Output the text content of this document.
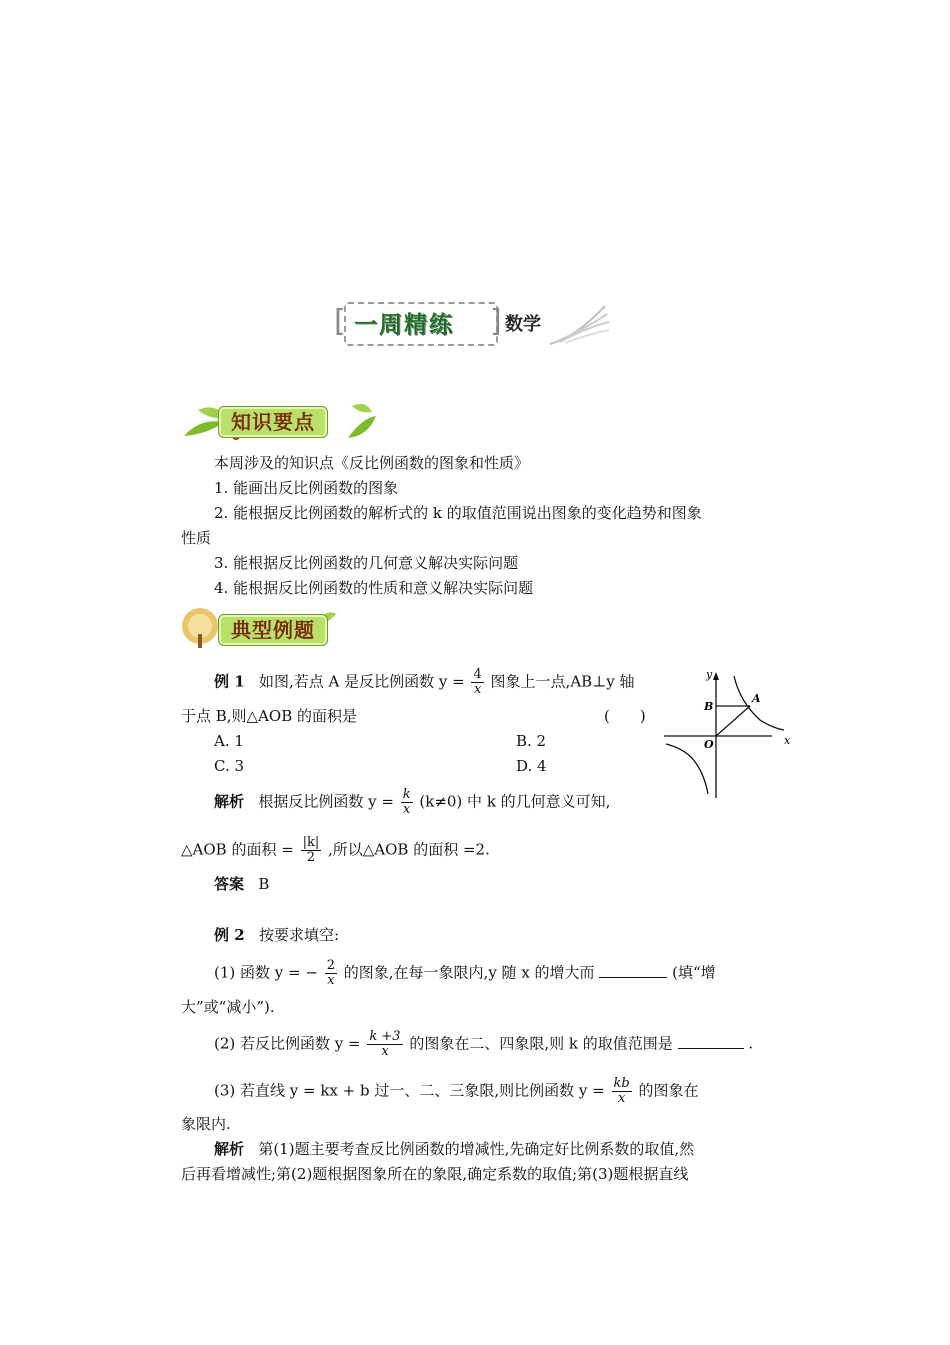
[ 一周精练 ] 数学
知识要点
本周涉及的知识点《反比例函数的图象和性质》
1. 能画出反比例函数的图象
2. 能根据反比例函数的解析式的 k 的取值范围说出图象的变化趋势和图象
性质
3. 能根据反比例函数的几何意义解决实际问题
4. 能根据反比例函数的性质和意义解决实际问题
典型例题
例 1 如图,若点 A 是反比例函数 $y = \frac{4}{x}$ 图象上一点,AB⊥y 轴
于点 B,则△AOB 的面积是	(　　)
A. 1	B. 2
C. 3	D. 4
y
x
O
A
B
解析 根据反比例函数 $y = \frac{k}{x} (k\ne 0)$ 中 k 的几何意义可知,
△AOB 的面积 = $\frac{|k|}{2}$ ,所以△AOB 的面积 =2.
答案 B
例 2 按要求填空:
(1) 函数 y = − $\frac{2}{x}$ 的图象,在每一象限内,y 随 x 的增大而	(填“增
大”或“减小”).
(2) 若反比例函数 $y = \frac{k +3}{x}$ 的图象在二、四象限,则 k 的取值范围是	.
(3) 若直线 y = kx + b 过一、二、三象限,则比例函数 $y = \frac{kb}{x}$ 的图象在
象限内.
解析 第(1)题主要考查反比例函数的增减性,先确定好比例系数的取值,然
后再看增减性;第(2)题根据图象所在的象限,确定系数的取值;第(3)题根据直线
